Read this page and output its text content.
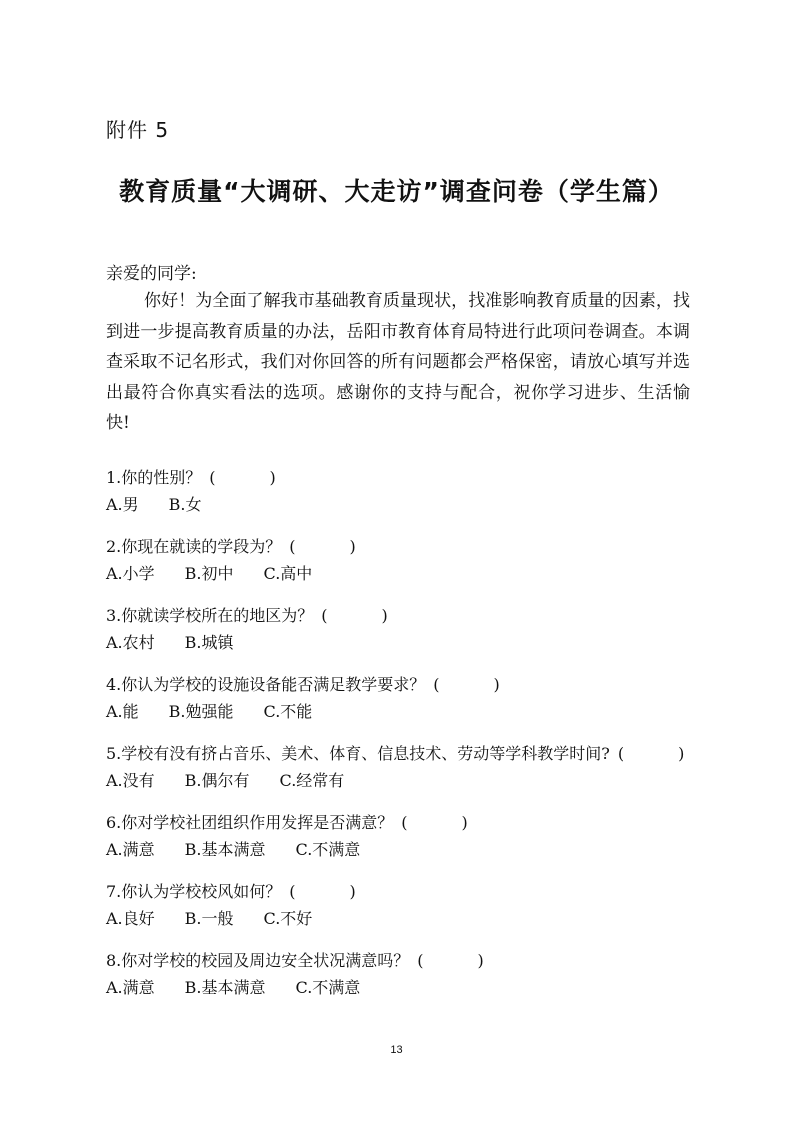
附件 5
教育质量“大调研、大走访”调查问卷（学生篇）
亲爱的同学:
你好！为全面了解我市基础教育质量现状，找准影响教育质量的因素，找到进一步提高教育质量的办法，岳阳市教育体育局特进行此项问卷调查。本调查采取不记名形式，我们对你回答的所有问题都会严格保密，请放心填写并选出最符合你真实看法的选项。感谢你的支持与配合，祝你学习进步、生活愉快!
1.你的性别？ (	)
A.男 B.女
2.你现在就读的学段为？ (	)
A.小学 B.初中 C.高中
3.你就读学校所在的地区为？ (	)
A.农村 B.城镇
4.你认为学校的设施设备能否满足教学要求？ (	)
A.能 B.勉强能 C.不能
5.学校有没有挤占音乐、美术、体育、信息技术、劳动等学科教学时间? (	)
A.没有 B.偶尔有 C.经常有
6.你对学校社团组织作用发挥是否满意？ (	)
A.满意 B.基本满意 C.不满意
7.你认为学校校风如何？ (	)
A.良好 B.一般 C.不好
8.你对学校的校园及周边安全状况满意吗？ (	)
A.满意 B.基本满意 C.不满意
13
